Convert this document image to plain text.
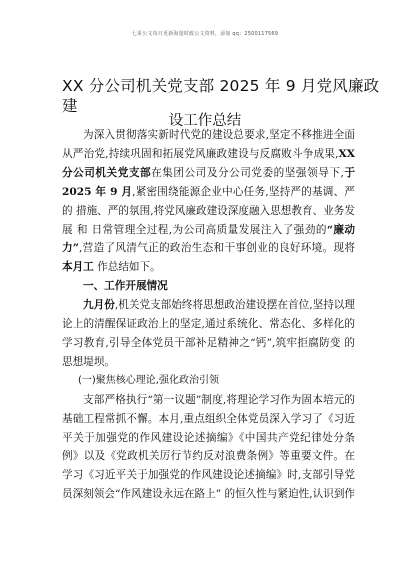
七哥公文每日更新海量时政公文资料，添加 qq：2500117569
XX 分公司机关党支部 2025 年 9 月党风廉政
建
设工作总结

为深入贯彻落实新时代党的建设总要求,坚定不移推进全面从严治党,持续巩固和拓展党风廉政建设与反腐败斗争成果,XX 分公司机关党支部在集团公司及分公司党委的坚强领导下,于 2025 年 9 月,紧密围绕能源企业中心任务,坚持严的基调、严的 措施、严的氛围,将党风廉政建设深度融入思想教育、业务发展 和 日常管理全过程,为公司高质量发展注入了强劲的“廉动力”,营造了风清气正的政治生态和干事创业的良好环境。现将本月工 作总结如下。

一、工作开展情况

九月份,机关党支部始终将思想政治建设摆在首位,坚持以理论上的清醒保证政治上的坚定,通过系统化、常态化、多样化的学习教育,引导全体党员干部补足精神之“钙”,筑牢拒腐防变 的思想堤坝。

(一)聚焦核心理论,强化政治引领

支部严格执行“第一议题”制度,将理论学习作为固本培元的基础工程常抓不懈。本月,重点组织全体党员深入学习了《习近平关于加强党的作风建设论述摘编》《中国共产党纪律处分条例》以及《党政机关厉行节约反对浪费条例》等重要文件。在学习《习近平关于加强党的作风建设论述摘编》时,支部引导党员深刻领会“作风建设永远在路上” 的恒久性与紧迫性,认识到作
